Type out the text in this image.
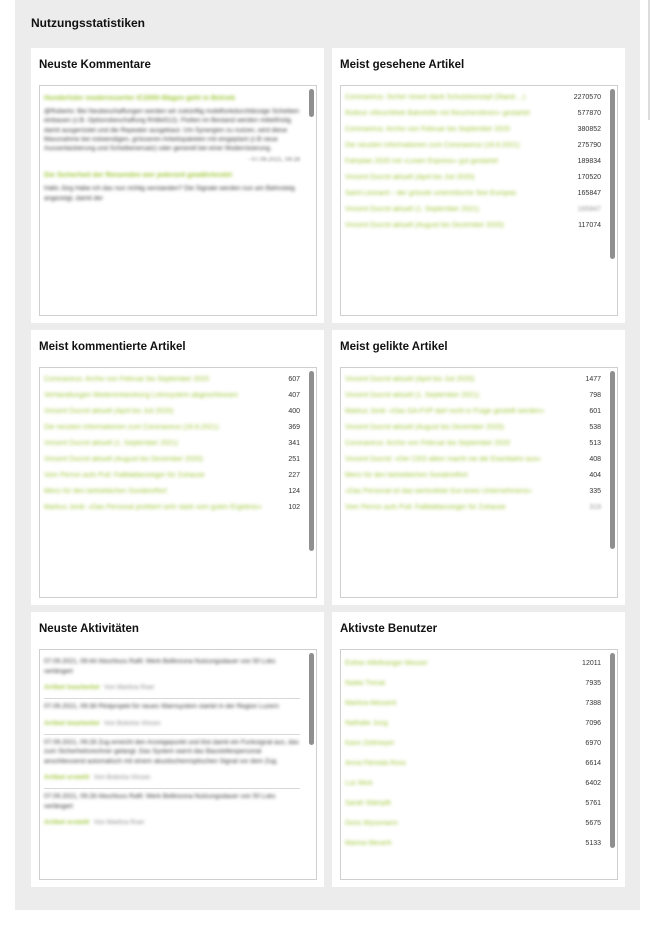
Nutzungsstatistiken
Neuste Kommentare
Hundertster modernisierter IC2000-Wagen geht in Betrieb
@Roberto: Bei Neubeschaffungen werden wir zukünftig mobilfunkdurchlässige Scheiben einbauen (z.B. Optionsbeschaffung RABe512). Flotten im Bestand werden mittelfristig damit ausgerüstet und die Repeater ausgebaut. Um Synergien zu nutzen, wird diese Massnahme bei notwendigen, grösseren Arbeitspaketen mit eingeplant (z.B neue Aussenlackierung und Scheibenersatz) oder generell bei einer Modernisierung.
- 07.09.2021, 09:28
Die Sicherheit der Reisenden wer jederzeit gewährleistet
Hallo Jürg Habe ich das nun richtig verstanden? Die Signale werden nun am Bahnsteig angezeigt, damit der
Meist gesehene Artikel
Coronavirus: Sicher reisen dank Schutzkonzept (Stand ...)	2270570
Rollout «Reschthek Bahnhöfe mit Reuchersferen» gestartet	577870
Coronavirus: Archiv von Februar bis September 2020	380852
Die neusten Informationen zum Coronavirus (16.8.2021)	275790
Fahrplan 2020 mit «Linien Express» gut gestartet	189834
Vincent Ducrot aktuell (April bis Juli 2020)	170520
Saint-Léonard – der grösste unterirdische See Europas	165847
Vincent Ducrot aktuell (1. September 2021)	165847
Vincent Ducrot aktuell (August bis Dezember 2020)	117074
Meist kommentierte Artikel
Coronavirus: Archiv von Februar bis September 2020	607
Verhandlungen Weiterentwicklung Lohnsystem abgeschlossen	407
Vincent Ducrot aktuell (April bis Juli 2020)	400
Die neusten Informationen zum Coronavirus (16.8.2021)	369
Vincent Ducrot aktuell (1. September 2021)	341
Vincent Ducrot aktuell (August bis Dezember 2020)	251
Vom Perron aufs Pult: Fallblattanzeiger für Zuhause	227
Merci für den betrieblichen Sondereffort	124
Markus Jordi: «Das Personal profitiert sehr stark vom guten Ergebnis»	102
Meist gelikte Artikel
Vincent Ducrot aktuell (April bis Juli 2020)	1477
Vincent Ducrot aktuell (1. September 2021)	798
Markus Jordi: «Das GA-FVP darf nicht in Frage gestellt werden»	601
Vincent Ducrot aktuell (August bis Dezember 2020)	538
Coronavirus: Archiv von Februar bis September 2020	513
Vincent Ducrot: «Der CEO allein macht nie die Eisenbahn aus»	408
Merci für den betrieblichen Sondereffort	404
«Das Personal ist das wertvollste Gut eines Unternehmens»	335
Vom Perron aufs Pult: Fallblattanzeiger für Zuhause	319
Neuste Aktivitäten
07.09.2021, 09:44 Abschluss Rafil: Werk Bellinzona Nutzungsdauer von 50 Loks verlängert
Artikel bearbeitet Von Martina Roer
07.09.2021, 09:38 Pilotprojekt für neues Warnsystem startet in der Region Luzern
Artikel bearbeitet Von Bobsha Vincen
07.09.2021, 09:28 Zug erreicht den Anzeigepunkt und löst damit ein Funksignal aus, das zum Sicherheitsrechner gelangt. Das System warnt das Baustellenpersonal anschliessend automatisch mit einem akustischen/optischen Signal vor dem Zug.
Artikel erstellt Von Bobsha Vincen
07.09.2021, 09:28 Abschluss Rafil: Werk Bellinzona Nutzungsdauer von 50 Loks verlängert
Artikel erstellt Von Martina Roer
Aktivste Benutzer
Esther Affeltranger Messer	12011
Nadia Trenat	7935
Martina Messerli	7388
Nathalie Jung	7096
Karin Zeltmeyer	6970
Anna Flemida Ross	6614
Luc Mick	6402
Sarah Stämpfli	5761
Doris Wyssmann	5675
Marina Meuerli	5133
